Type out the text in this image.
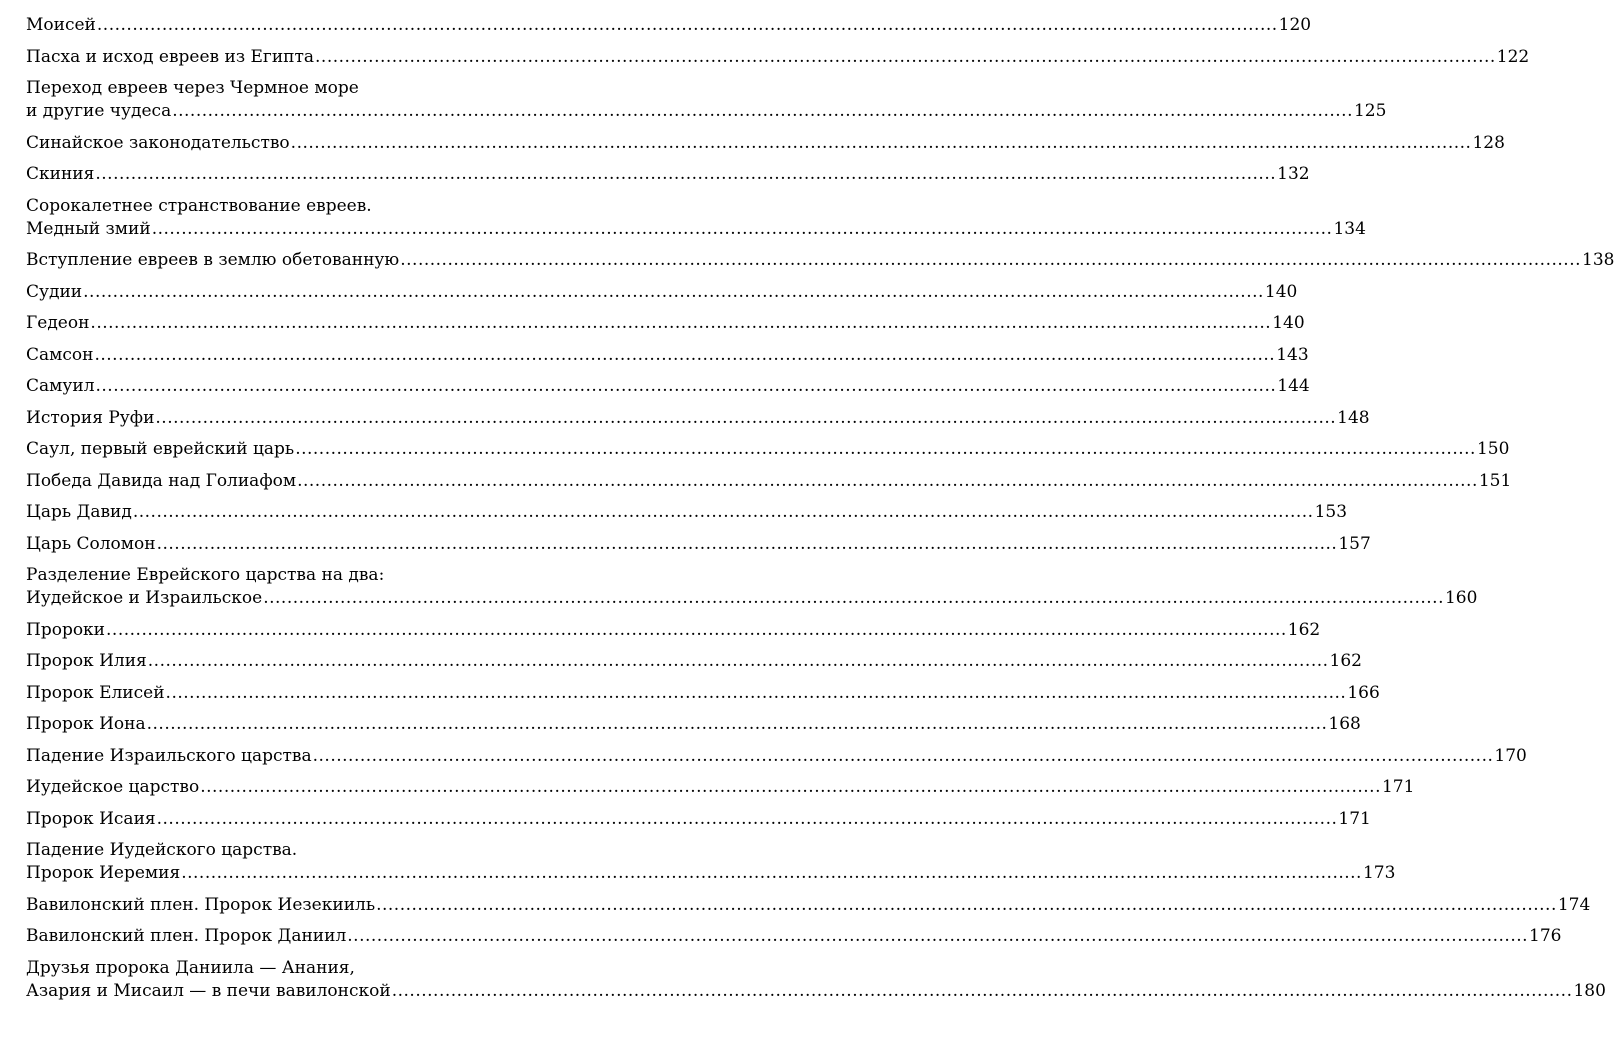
Моисей ........................................................................................................................................................................................................ 120
Пасха и исход евреев из Египта ........................................................................................................................................................................................................ 122
Переход евреев через Чермное море
и другие чудеса ........................................................................................................................................................................................................ 125
Синайское законодательство ........................................................................................................................................................................................................ 128
Скиния ........................................................................................................................................................................................................ 132
Сорокалетнее странствование евреев.
Медный змий ........................................................................................................................................................................................................ 134
Вступление евреев в землю обетованную ........................................................................................................................................................................................................ 138
Судии ........................................................................................................................................................................................................ 140
Гедеон ........................................................................................................................................................................................................ 140
Самсон ........................................................................................................................................................................................................ 143
Самуил ........................................................................................................................................................................................................ 144
История Руфи ........................................................................................................................................................................................................ 148
Саул, первый еврейский царь ........................................................................................................................................................................................................ 150
Победа Давида над Голиафом ........................................................................................................................................................................................................ 151
Царь Давид ........................................................................................................................................................................................................ 153
Царь Соломон ........................................................................................................................................................................................................ 157
Разделение Еврейского царства на два:
Иудейское и Израильское ........................................................................................................................................................................................................ 160
Пророки ........................................................................................................................................................................................................ 162
Пророк Илия ........................................................................................................................................................................................................ 162
Пророк Елисей ........................................................................................................................................................................................................ 166
Пророк Иона ........................................................................................................................................................................................................ 168
Падение Израильского царства ........................................................................................................................................................................................................ 170
Иудейское царство ........................................................................................................................................................................................................ 171
Пророк Исаия ........................................................................................................................................................................................................ 171
Падение Иудейского царства.
Пророк Иеремия ........................................................................................................................................................................................................ 173
Вавилонский плен. Пророк Иезекииль ........................................................................................................................................................................................................ 174
Вавилонский плен. Пророк Даниил ........................................................................................................................................................................................................ 176
Друзья пророка Даниила — Анания,
Азария и Мисаил — в печи вавилонской ........................................................................................................................................................................................................ 180
